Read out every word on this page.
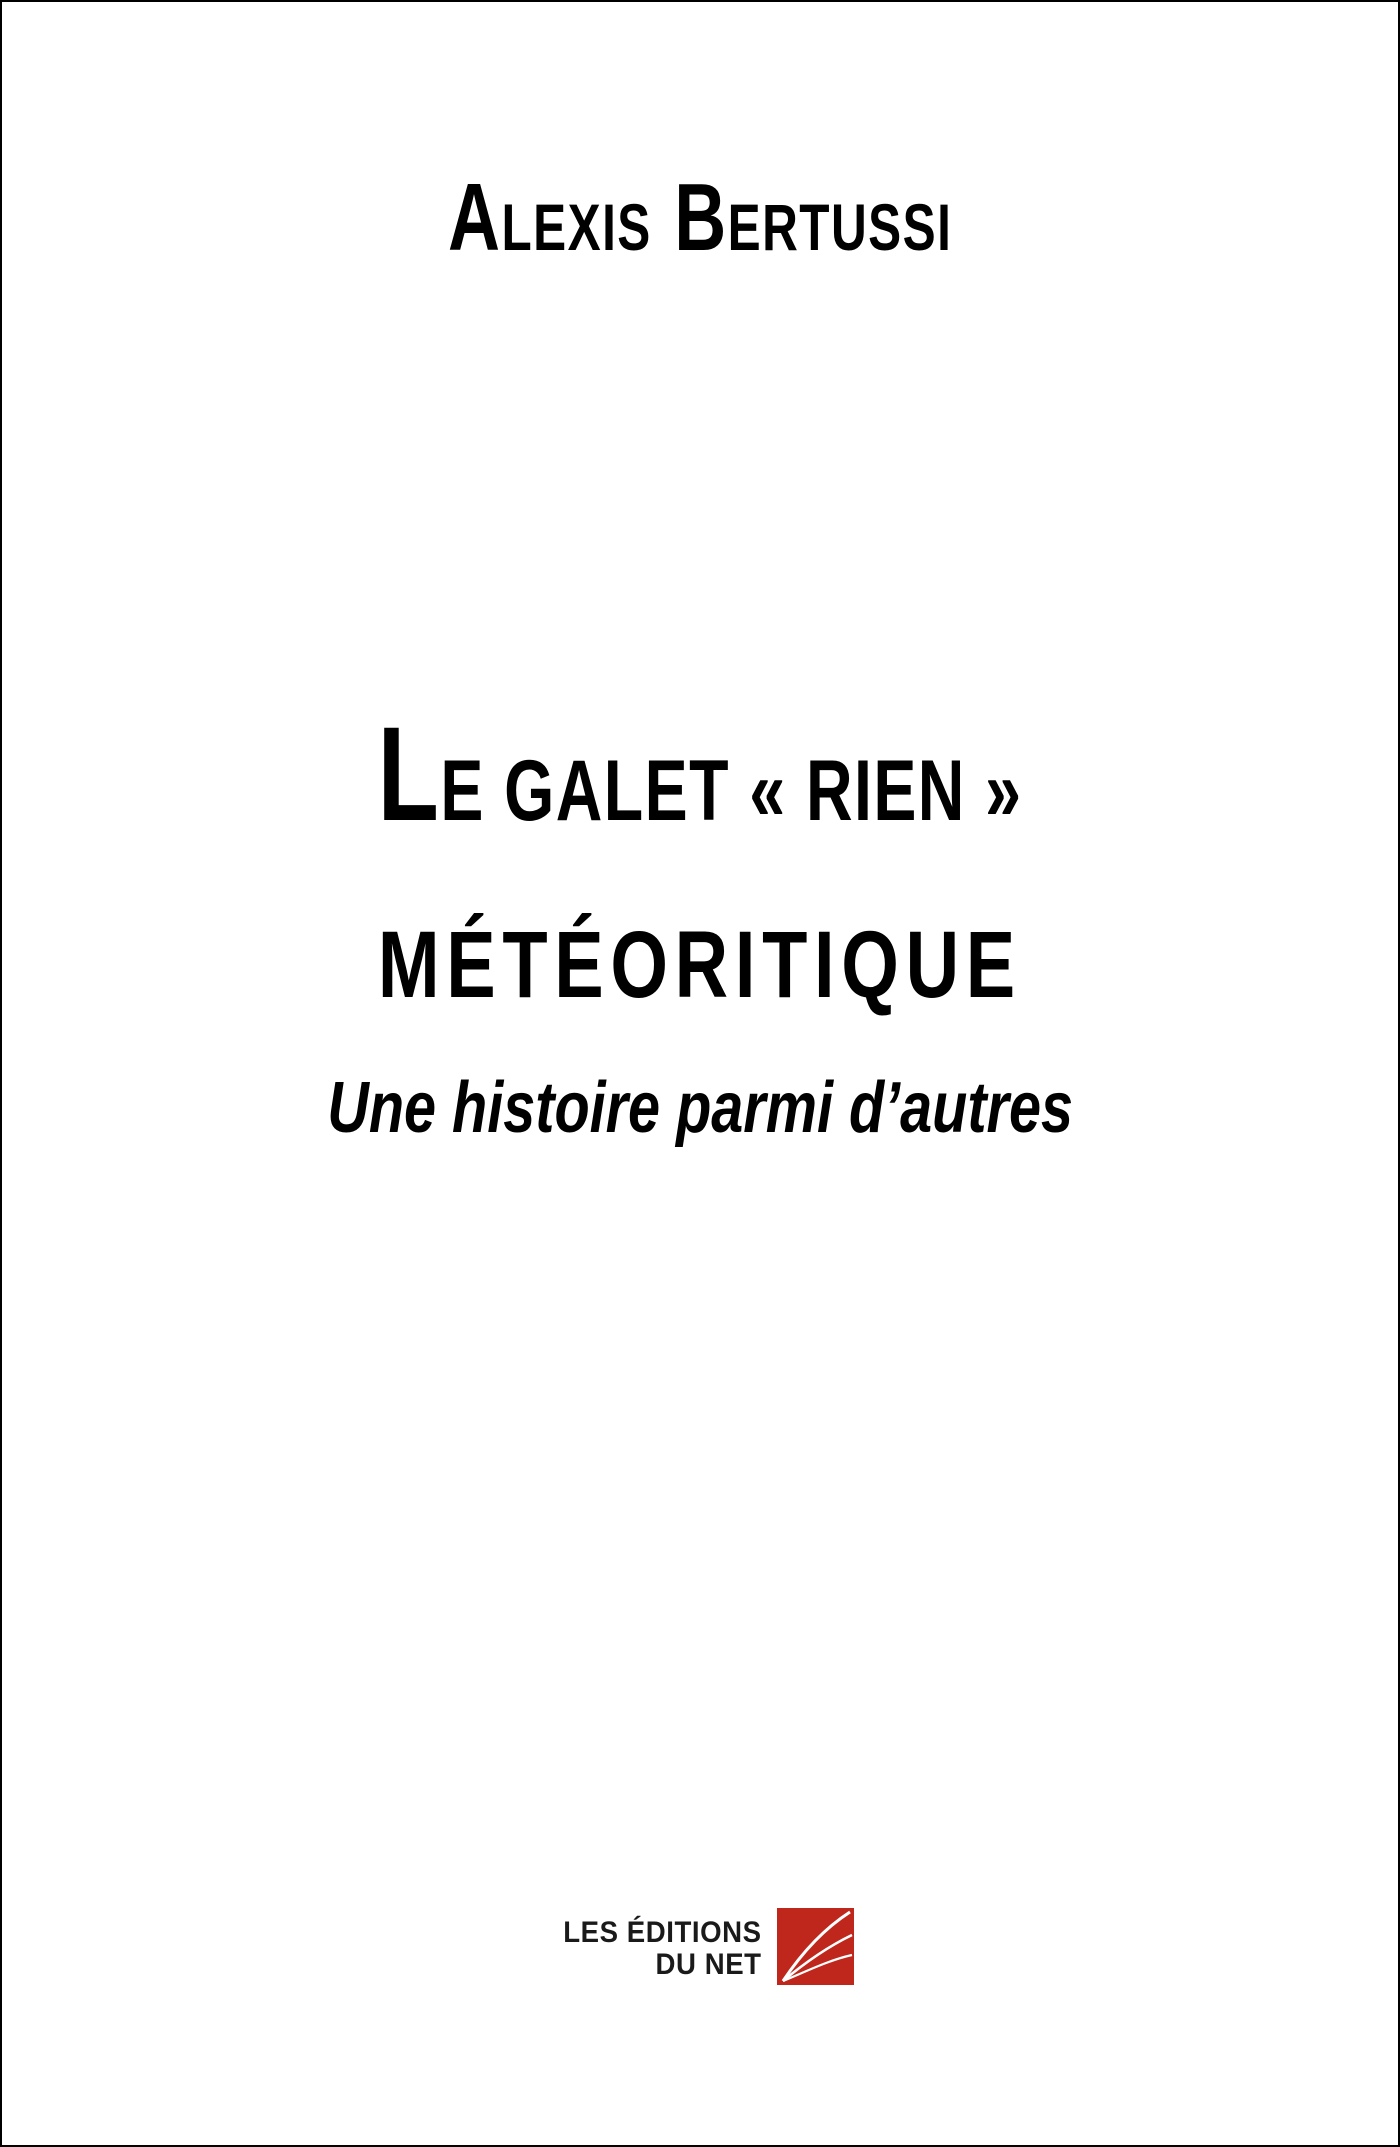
ALEXIS BERTUSSI
LE GALET « RIEN »
MÉTÉORITIQUE
Une histoire parmi d’autres
LES ÉDITIONS
DU NET
